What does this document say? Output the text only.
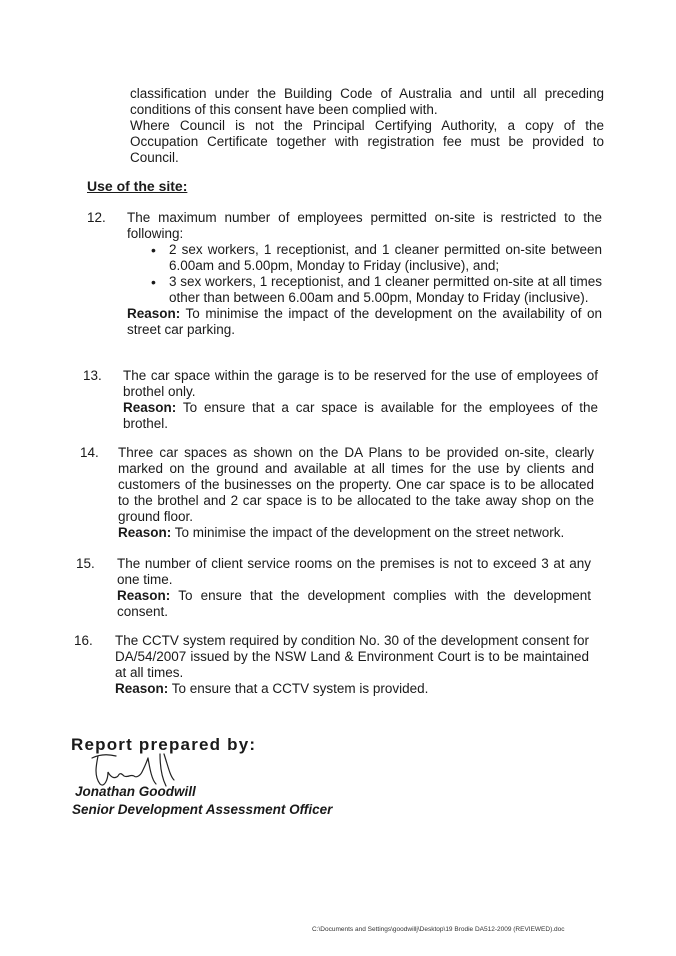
classification under the Building Code of Australia and until all preceding conditions of this consent have been complied with.

Where Council is not the Principal Certifying Authority, a copy of the Occupation Certificate together with registration fee must be provided to Council.

Use of the site:
12. The maximum number of employees permitted on-site is restricted to the following:

• 2 sex workers, 1 receptionist, and 1 cleaner permitted on-site between 6.00am and 5.00pm, Monday to Friday (inclusive), and;
• 3 sex workers, 1 receptionist, and 1 cleaner permitted on-site at all times other than between 6.00am and 5.00pm, Monday to Friday (inclusive).

Reason: To minimise the impact of the development on the availability of on street car parking.

13. The car space within the garage is to be reserved for the use of employees of brothel only.

Reason: To ensure that a car space is available for the employees of the brothel.

14. Three car spaces as shown on the DA Plans to be provided on-site, clearly marked on the ground and available at all times for the use by clients and customers of the businesses on the property. One car space is to be allocated to the brothel and 2 car space is to be allocated to the take away shop on the ground floor.

Reason: To minimise the impact of the development on the street network.

15. The number of client service rooms on the premises is not to exceed 3 at any one time.

Reason: To ensure that the development complies with the development consent.

16. The CCTV system required by condition No. 30 of the development consent for DA/54/2007 issued by the NSW Land & Environment Court is to be maintained at all times.

Reason: To ensure that a CCTV system is provided.

Report prepared by:
Jonathan Goodwill
Senior Development Assessment Officer
C:\Documents and Settings\goodwillj\Desktop\19 Brodie DA512-2009 (REVIEWED).doc
